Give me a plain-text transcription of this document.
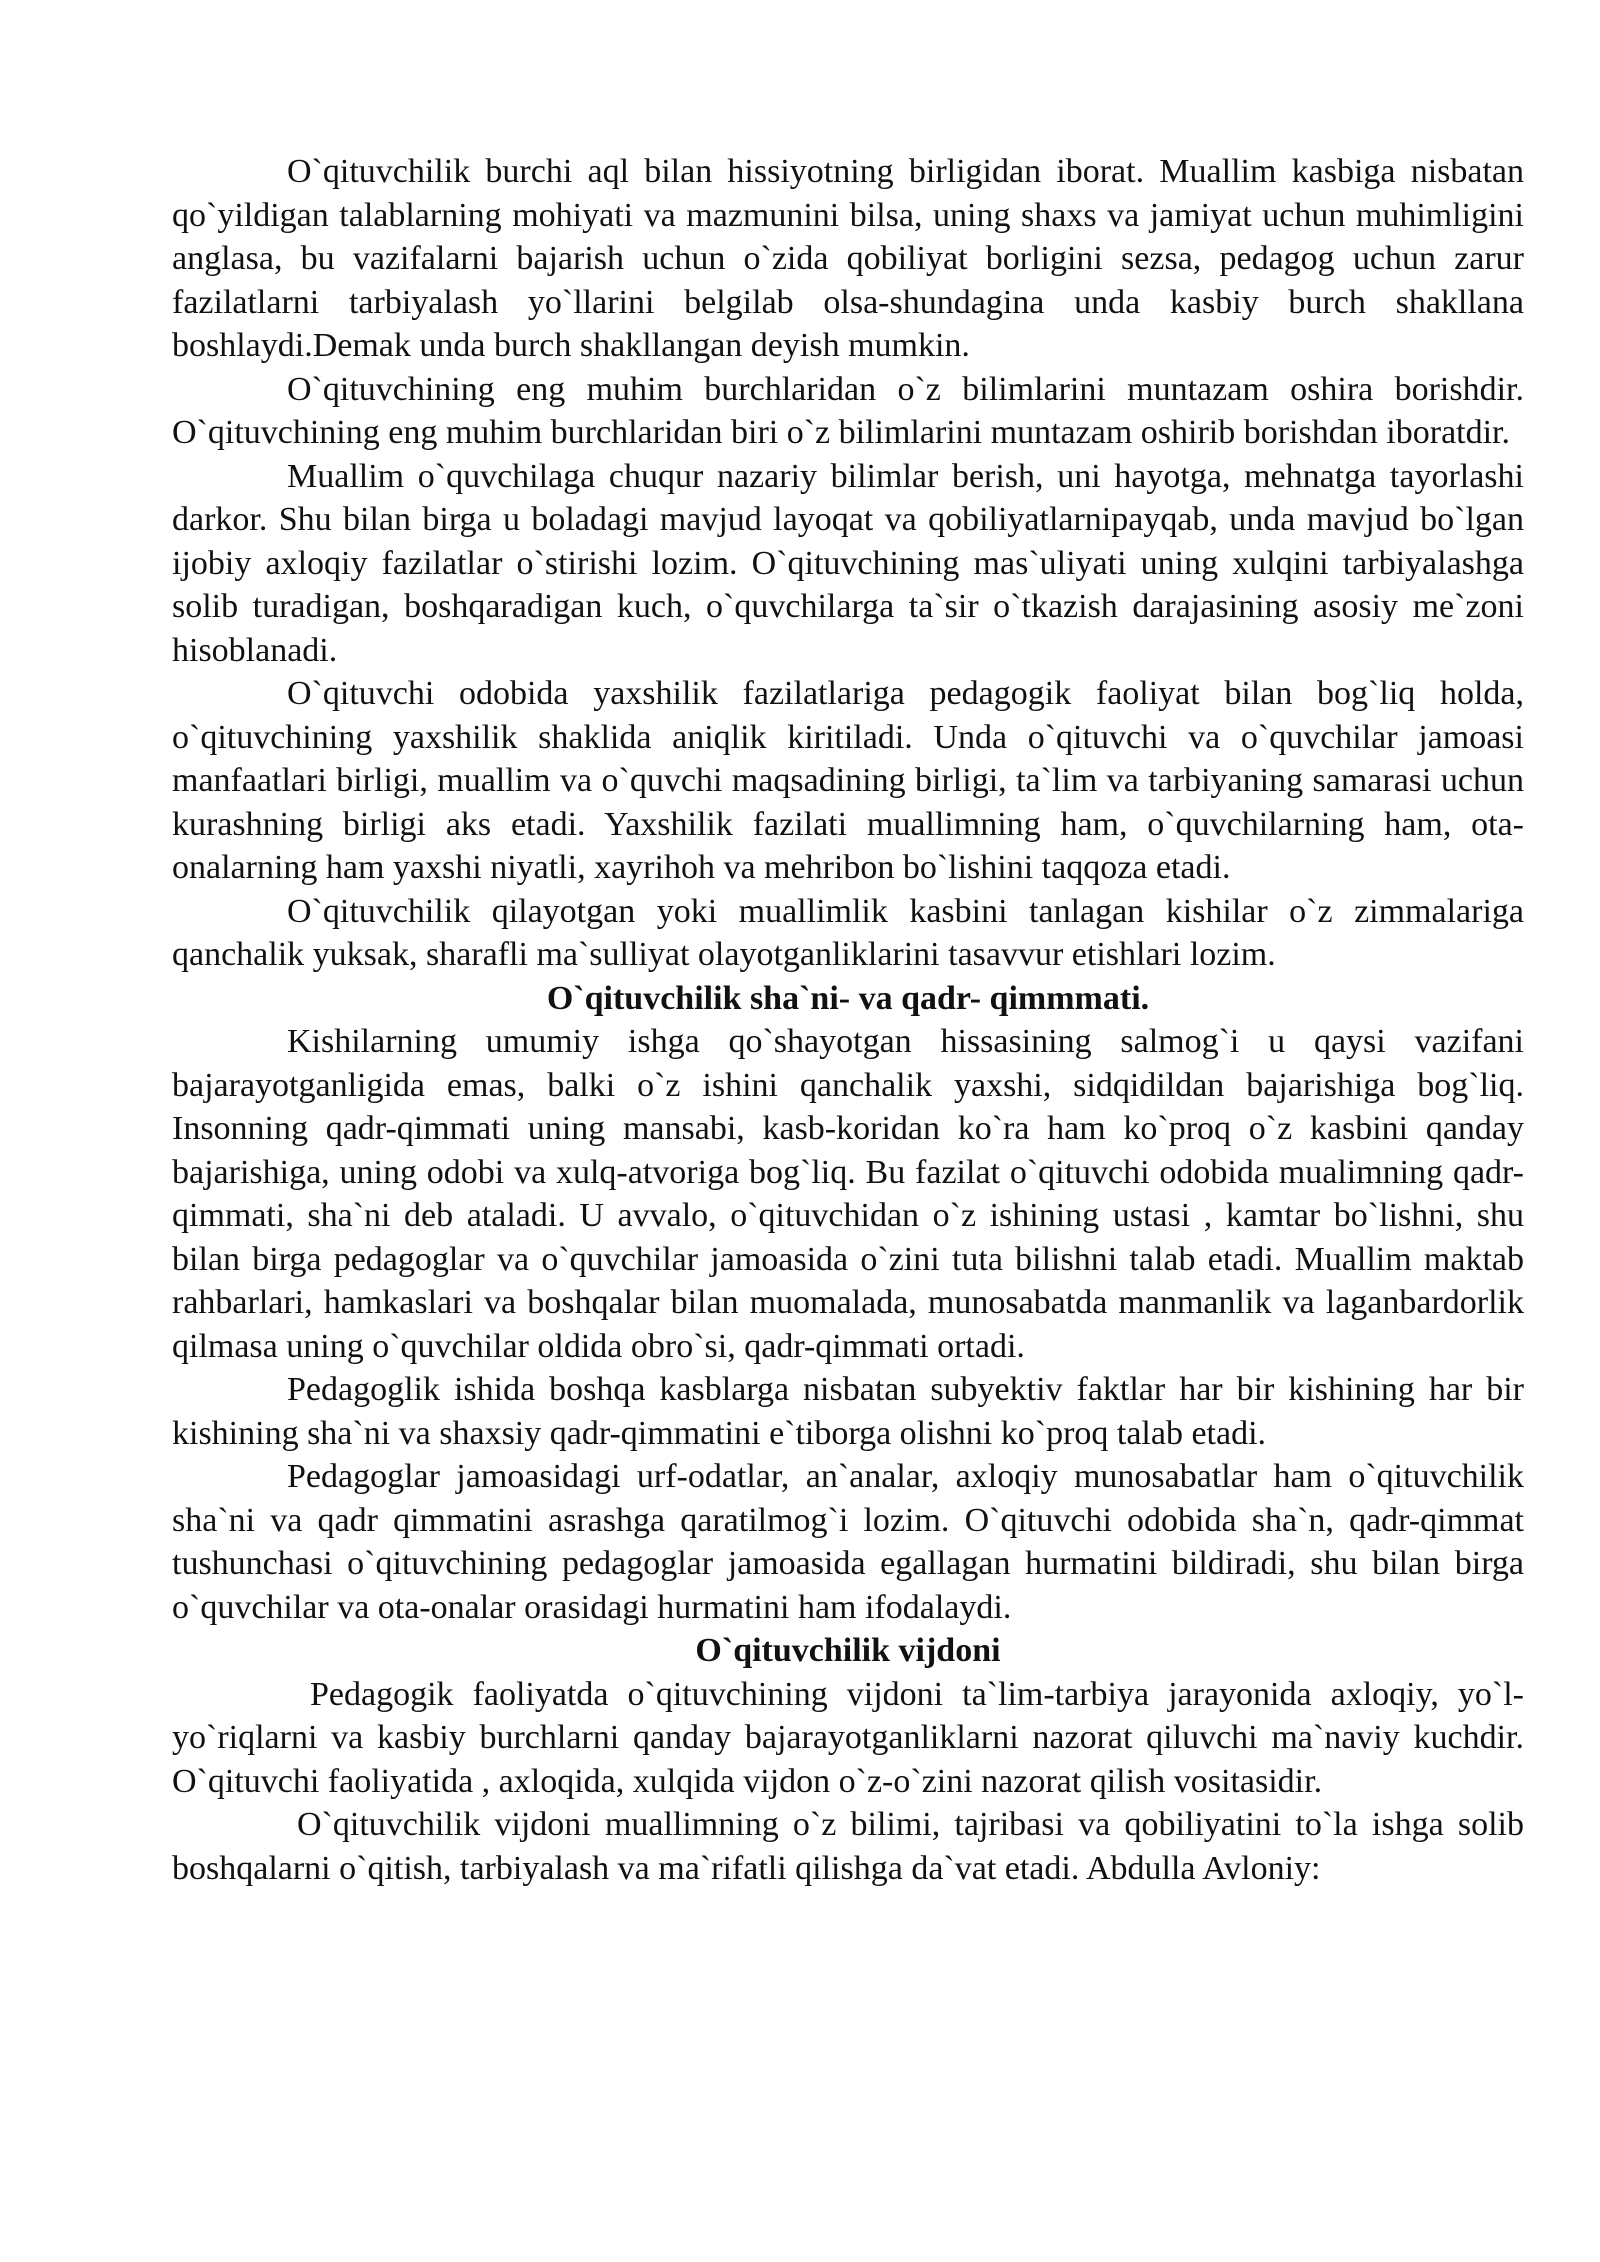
O`qituvchilik burchi aql bilan hissiyotning birligidan iborat. Muallim kasbiga nisbatan qo`yildigan talablarning mohiyati va mazmunini bilsa, uning shaxs va jamiyat uchun muhimligini anglasa, bu vazifalarni bajarish uchun o`zida qobiliyat borligini sezsa, pedagog uchun zarur fazilatlarni tarbiyalash yo`llarini belgilab olsa-shundagina unda kasbiy burch shakllana boshlaydi.Demak unda burch shakllangan deyish mumkin.

O`qituvchining eng muhim burchlaridan o`z bilimlarini muntazam oshira borishdir. O`qituvchining eng muhim burchlaridan biri o`z bilimlarini muntazam oshirib borishdan iboratdir.

Muallim o`quvchilaga chuqur nazariy bilimlar berish, uni hayotga, mehnatga tayorlashi darkor. Shu bilan birga u boladagi mavjud layoqat va qobiliyatlarnipayqab, unda mavjud bo`lgan ijobiy axloqiy fazilatlar o`stirishi lozim. O`qituvchining mas`uliyati uning xulqini tarbiyalashga solib turadigan, boshqaradigan kuch, o`quvchilarga ta`sir o`tkazish darajasining asosiy me`zoni hisoblanadi.

O`qituvchi odobida yaxshilik fazilatlariga pedagogik faoliyat bilan bog`liq holda, o`qituvchining yaxshilik shaklida aniqlik kiritiladi. Unda o`qituvchi va o`quvchilar jamoasi manfaatlari birligi, muallim va o`quvchi maqsadining birligi, ta`lim va tarbiyaning samarasi uchun kurashning birligi aks etadi. Yaxshilik fazilati muallimning ham, o`quvchilarning ham, ota-onalarning ham yaxshi niyatli, xayrihoh va mehribon bo`lishini taqqoza etadi.

O`qituvchilik qilayotgan yoki muallimlik kasbini tanlagan kishilar o`z zimmalariga qanchalik yuksak, sharafli ma`sulliyat olayotganliklarini tasavvur etishlari lozim.

O`qituvchilik sha`ni- va qadr- qimmmati.

Kishilarning umumiy ishga qo`shayotgan hissasining salmog`i u qaysi vazifani bajarayotganligida emas, balki o`z ishini qanchalik yaxshi, sidqidildan bajarishiga bog`liq. Insonning qadr-qimmati uning mansabi, kasb-koridan ko`ra ham ko`proq o`z kasbini qanday bajarishiga, uning odobi va xulq-atvoriga bog`liq. Bu fazilat o`qituvchi odobida mualimning qadr-qimmati, sha`ni deb ataladi. U avvalo, o`qituvchidan o`z ishining ustasi , kamtar bo`lishni, shu bilan birga pedagoglar va o`quvchilar jamoasida o`zini tuta bilishni talab etadi. Muallim maktab rahbarlari, hamkaslari va boshqalar bilan muomalada, munosabatda manmanlik va laganbardorlik qilmasa uning o`quvchilar oldida obro`si, qadr-qimmati ortadi.

Pedagoglik ishida boshqa kasblarga nisbatan subyektiv faktlar har bir kishining har bir kishining sha`ni va shaxsiy qadr-qimmatini e`tiborga olishni ko`proq talab etadi.

Pedagoglar jamoasidagi urf-odatlar, an`analar, axloqiy munosabatlar ham o`qituvchilik sha`ni va qadr qimmatini asrashga qaratilmog`i lozim. O`qituvchi odobida sha`n, qadr-qimmat tushunchasi o`qituvchining pedagoglar jamoasida egallagan hurmatini bildiradi, shu bilan birga o`quvchilar va ota-onalar orasidagi hurmatini ham ifodalaydi.

O`qituvchilik vijdoni

Pedagogik faoliyatda o`qituvchining vijdoni ta`lim-tarbiya jarayonida axloqiy, yo`l-yo`riqlarni va kasbiy burchlarni qanday bajarayotganliklarni nazorat qiluvchi ma`naviy kuchdir. O`qituvchi faoliyatida , axloqida, xulqida vijdon o`z-o`zini nazorat qilish vositasidir.

O`qituvchilik vijdoni muallimning o`z bilimi, tajribasi va qobiliyatini to`la ishga solib boshqalarni o`qitish, tarbiyalash va ma`rifatli qilishga da`vat etadi. Abdulla Avloniy:
